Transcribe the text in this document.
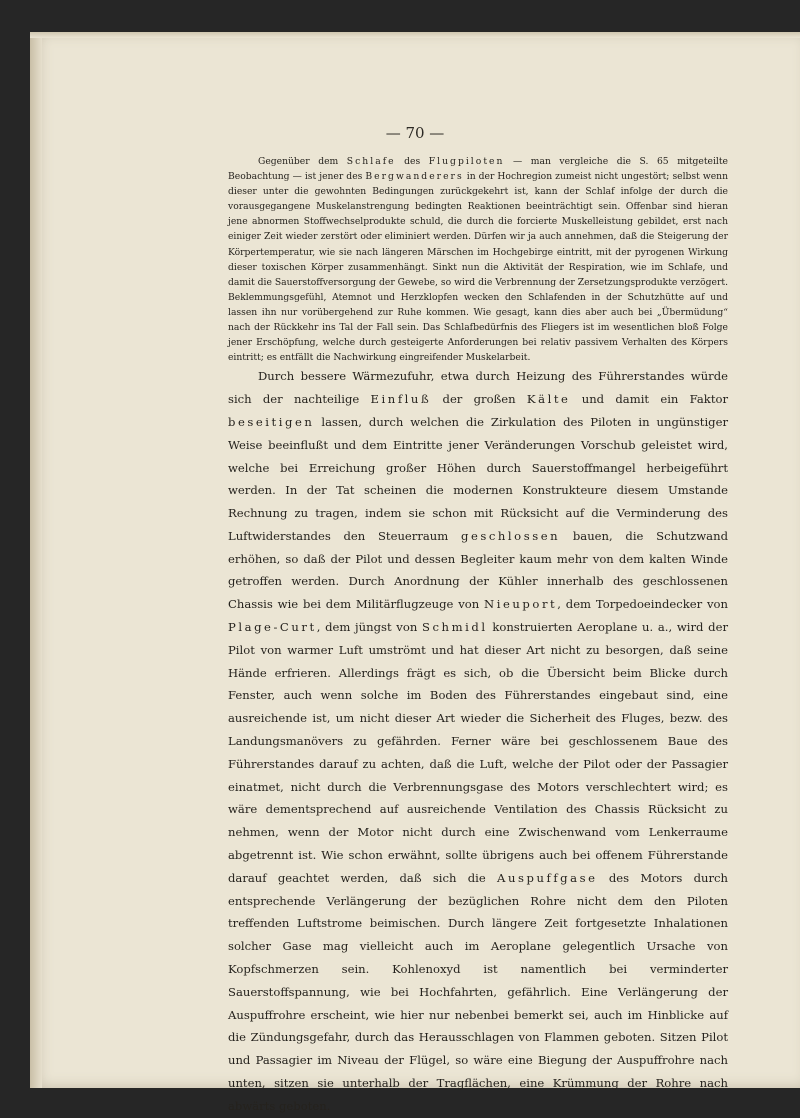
— 70 —

Gegenüber dem Schlafe des Flugpiloten — man vergleiche die S. 65 mitgeteilte Beobachtung — ist jener des Bergwanderers in der Hochregion zumeist nicht ungestört; selbst wenn dieser unter die gewohnten Bedingungen zurückgekehrt ist, kann der Schlaf infolge der durch die vorausgegangene Muskelanstrengung bedingten Reaktionen beeinträchtigt sein. Offenbar sind hieran jene abnormen Stoffwechselprodukte schuld, die durch die forcierte Muskelleistung gebildet, erst nach einiger Zeit wieder zerstört oder eliminiert werden. Dürfen wir ja auch annehmen, daß die Steigerung der Körpertemperatur, wie sie nach längeren Märschen im Hochgebirge eintritt, mit der pyrogenen Wirkung dieser toxischen Körper zusammenhängt. Sinkt nun die Aktivität der Respiration, wie im Schlafe, und damit die Sauerstoffversorgung der Gewebe, so wird die Verbrennung der Zersetzungsprodukte verzögert. Beklemmungsgefühl, Atemnot und Herzklopfen wecken den Schlafenden in der Schutzhütte auf und lassen ihn nur vorübergehend zur Ruhe kommen. Wie gesagt, kann dies aber auch bei „Übermüdung“ nach der Rückkehr ins Tal der Fall sein. Das Schlafbedürfnis des Fliegers ist im wesentlichen bloß Folge jener Erschöpfung, welche durch gesteigerte Anforderungen bei relativ passivem Verhalten des Körpers eintritt; es entfällt die Nachwirkung eingreifender Muskelarbeit.

Durch bessere Wärmezufuhr, etwa durch Heizung des Führerstandes würde sich der nachteilige Einfluß der großen Kälte und damit ein Faktor beseitigen lassen, durch welchen die Zirkulation des Piloten in ungünstiger Weise beeinflußt und dem Eintritte jener Veränderungen Vorschub geleistet wird, welche bei Erreichung großer Höhen durch Sauerstoffmangel herbeigeführt werden. In der Tat scheinen die modernen Konstrukteure diesem Umstande Rechnung zu tragen, indem sie schon mit Rücksicht auf die Verminderung des Luftwiderstandes den Steuerraum geschlossen bauen, die Schutzwand erhöhen, so daß der Pilot und dessen Begleiter kaum mehr von dem kalten Winde getroffen werden. Durch Anordnung der Kühler innerhalb des geschlossenen Chassis wie bei dem Militärflugzeuge von Nieuport, dem Torpedoeindecker von Plage-Curt, dem jüngst von Schmidl konstruierten Aeroplane u. a., wird der Pilot von warmer Luft umströmt und hat dieser Art nicht zu besorgen, daß seine Hände erfrieren. Allerdings frägt es sich, ob die Übersicht beim Blicke durch Fenster, auch wenn solche im Boden des Führerstandes eingebaut sind, eine ausreichende ist, um nicht dieser Art wieder die Sicherheit des Fluges, bezw. des Landungsmanövers zu gefährden. Ferner wäre bei geschlossenem Baue des Führerstandes darauf zu achten, daß die Luft, welche der Pilot oder der Passagier einatmet, nicht durch die Verbrennungsgase des Motors verschlechtert wird; es wäre dementsprechend auf ausreichende Ventilation des Chassis Rücksicht zu nehmen, wenn der Motor nicht durch eine Zwischenwand vom Lenkerraume abgetrennt ist. Wie schon erwähnt, sollte übrigens auch bei offenem Führerstande darauf geachtet werden, daß sich die Auspuffgase des Motors durch entsprechende Verlängerung der bezüglichen Rohre nicht dem den Piloten treffenden Luftstrome beimischen. Durch längere Zeit fortgesetzte Inhalationen solcher Gase mag vielleicht auch im Aeroplane gelegentlich Ursache von Kopfschmerzen sein. Kohlenoxyd ist namentlich bei verminderter Sauerstoffspannung, wie bei Hochfahrten, gefährlich. Eine Verlängerung der Auspuffrohre erscheint, wie hier nur nebenbei bemerkt sei, auch im Hinblicke auf die Zündungsgefahr, durch das Herausschlagen von Flammen geboten. Sitzen Pilot und Passagier im Niveau der Flügel, so wäre eine Biegung der Auspuffrohre nach unten, sitzen sie unterhalb der Tragflächen, eine Krümmung der Rohre nach abwärts geboten.
